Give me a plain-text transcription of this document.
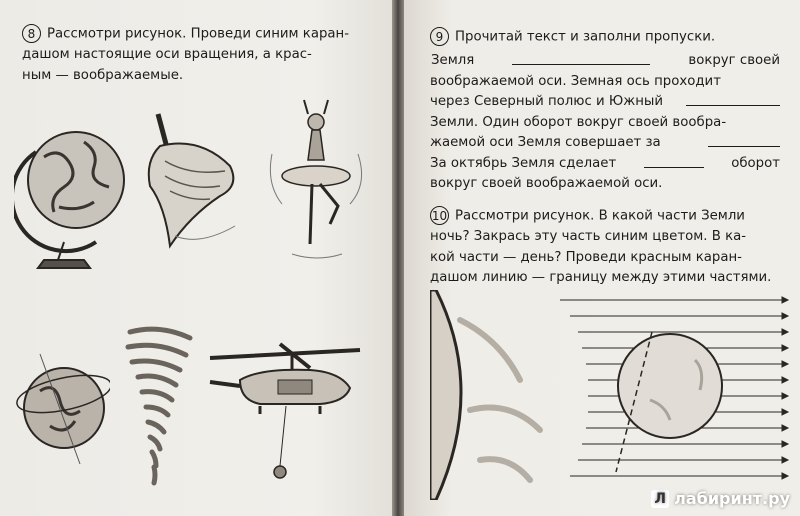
8 Рассмотри рисунок. Проведи синим каран-
дашом настоящие оси вращения, а крас-
ным — воображаемые.
9 Прочитай текст и заполни пропуски.
Земля	вокруг своей
воображаемой оси. Земная ось проходит
через Северный полюс и Южный
Земли. Один оборот вокруг своей вообра-
жаемой оси Земля совершает за
За октябрь Земля сделает	оборот
вокруг своей воображаемой оси.
10 Рассмотри рисунок. В какой части Земли
ночь? Закрась эту часть синим цветом. В ка-
кой части — день? Проведи красным каран-
дашом линию — границу между этими частями.
Л лабиринт.ру
